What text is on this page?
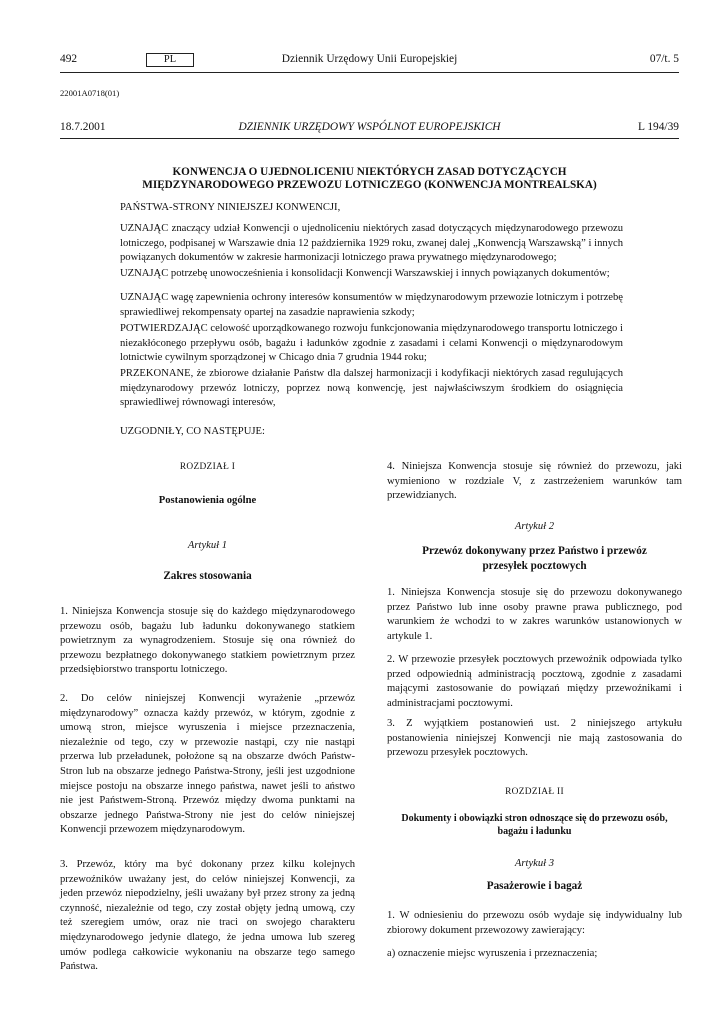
492	PL	Dziennik Urzędowy Unii Europejskiej	07/t. 5
22001A0718(01)
18.7.2001	DZIENNIK URZĘDOWY WSPÓLNOT EUROPEJSKICH	L 194/39
KONWENCJA O UJEDNOLICENIU NIEKTÓRYCH ZASAD DOTYCZĄCYCH
MIĘDZYNARODOWEGO PRZEWOZU LOTNICZEGO (KONWENCJA MONTREALSKA)
PAŃSTWA-STRONY NINIEJSZEJ KONWENCJI,
UZNAJĄC znaczący udział Konwencji o ujednoliceniu niektórych zasad dotyczących międzynarodowego przewozu lotniczego, podpisanej w Warszawie dnia 12 października 1929 roku, zwanej dalej „Konwencją Warszawską” i innych powiązanych dokumentów w zakresie harmonizacji lotniczego prawa prywatnego międzynarodowego;
UZNAJĄC potrzebę unowocześnienia i konsolidacji Konwencji Warszawskiej i innych powiązanych dokumentów;
UZNAJĄC wagę zapewnienia ochrony interesów konsumentów w międzynarodowym przewozie lotniczym i potrzebę sprawiedliwej rekompensaty opartej na zasadzie naprawienia szkody;
POTWIERDZAJĄC celowość uporządkowanego rozwoju funkcjonowania międzynarodowego transportu lotniczego i niezakłóconego przepływu osób, bagażu i ładunków zgodnie z zasadami i celami Konwencji o międzynarodowym lotnictwie cywilnym sporządzonej w Chicago dnia 7 grudnia 1944 roku;
PRZEKONANE, że zbiorowe działanie Państw dla dalszej harmonizacji i kodyfikacji niektórych zasad regulujących międzynarodowy przewóz lotniczy, poprzez nową konwencję, jest najwłaściwszym środkiem do osiągnięcia sprawiedliwej równowagi interesów,
UZGODNIŁY, CO NASTĘPUJE:
ROZDZIAŁ I
Postanowienia ogólne
Artykuł 1
Zakres stosowania

1. Niniejsza Konwencja stosuje się do każdego międzynarodowego przewozu osób, bagażu lub ładunku dokonywanego statkiem powietrznym za wynagrodzeniem. Stosuje się ona również do przewozu bezpłatnego dokonywanego statkiem powietrznym przez przedsiębiorstwo transportu lotniczego.

2. Do celów niniejszej Konwencji wyrażenie „przewóz międzynarodowy” oznacza każdy przewóz, w którym, zgodnie z umową stron, miejsce wyruszenia i miejsce przeznaczenia, niezależnie od tego, czy w przewozie nastąpi, czy nie nastąpi przerwa lub przeładunek, położone są na obszarze dwóch Państw-Stron lub na obszarze jednego Państwa-Strony, jeśli jest uzgodnione miejsce postoju na obszarze innego państwa, nawet jeśli to aństwo nie jest Państwem-Stroną. Przewóz między dwoma punktami na obszarze jednego Państwa-Strony nie jest do celów niniejszej Konwencji przewozem międzynarodowym.

3. Przewóz, który ma być dokonany przez kilku kolejnych przewoźników uważany jest, do celów niniejszej Konwencji, za jeden przewóz niepodzielny, jeśli uważany był przez strony za jedną czynność, niezależnie od tego, czy został objęty jedną umową, czy też szeregiem umów, oraz nie traci on swojego charakteru międzynarodowego jedynie dlatego, że jedna umowa lub szereg umów podlega całkowicie wykonaniu na obszarze tego samego Państwa.

4. Niniejsza Konwencja stosuje się również do przewozu, jaki wymieniono w rozdziale V, z zastrzeżeniem warunków tam przewidzianych.

Artykuł 2
Przewóz dokonywany przez Państwo i przewóz
przesyłek pocztowych

1. Niniejsza Konwencja stosuje się do przewozu dokonywanego przez Państwo lub inne osoby prawne prawa publicznego, pod warunkiem że wchodzi to w zakres warunków ustanowionych w artykule 1.

2. W przewozie przesyłek pocztowych przewoźnik odpowiada tylko przed odpowiednią administracją pocztową, zgodnie z zasadami mającymi zastosowanie do powiązań między przewoźnikami i administracjami pocztowymi.

3. Z wyjątkiem postanowień ust. 2 niniejszego artykułu postanowienia niniejszej Konwencji nie mają zastosowania do przewozu przesyłek pocztowych.

ROZDZIAŁ II
Dokumenty i obowiązki stron odnoszące się do przewozu osób,
bagażu i ładunku
Artykuł 3
Pasażerowie i bagaż

1. W odniesieniu do przewozu osób wydaje się indywidualny lub zbiorowy dokument przewozowy zawierający:

a) oznaczenie miejsc wyruszenia i przeznaczenia;
